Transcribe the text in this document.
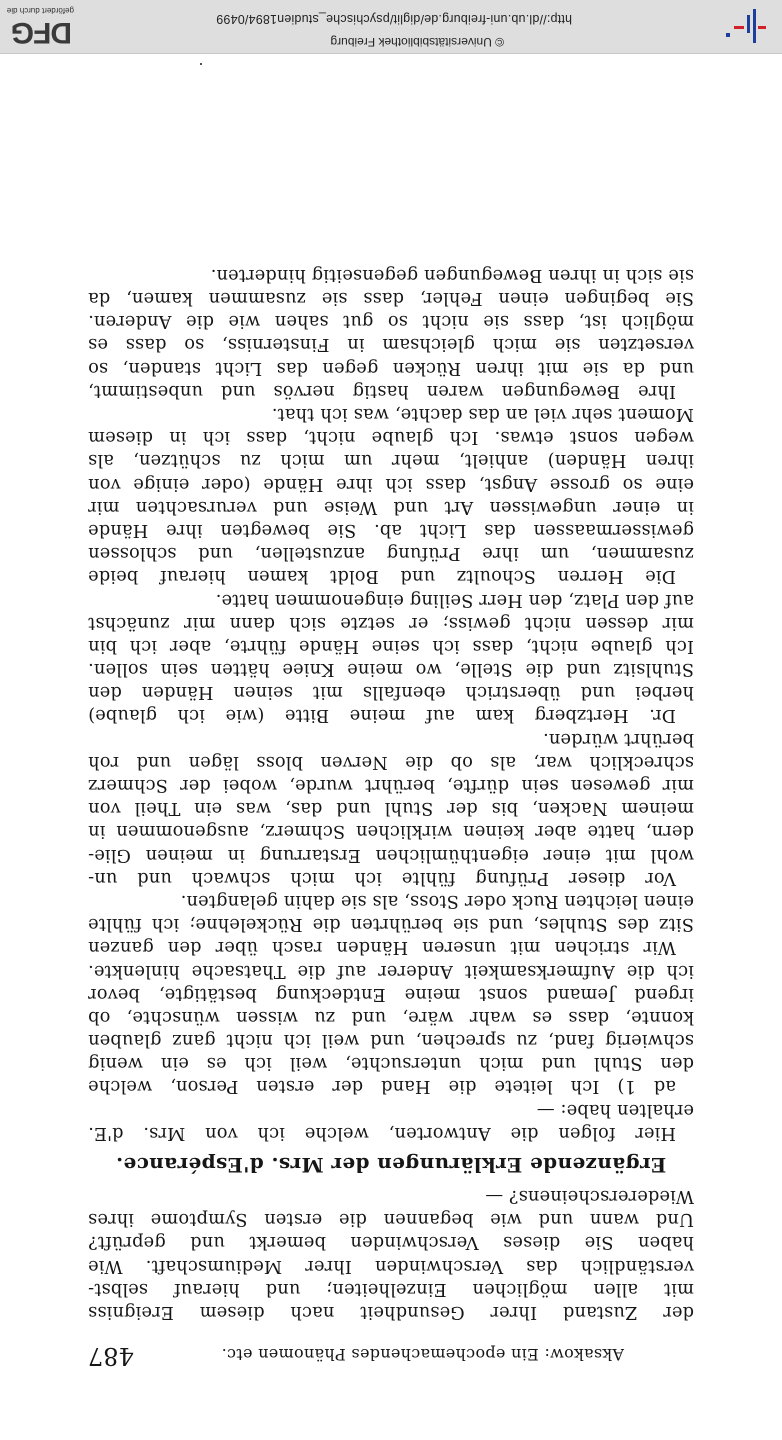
Aksakow: Ein epochemachendes Phänomen etc.
487
der Zustand Ihrer Gesundheit nach diesem Ereigniss
mit allen möglichen Einzelheiten; und hierauf selbst-
verständlich das Verschwinden Ihrer Mediumschaft. Wie
haben Sie dieses Verschwinden bemerkt und geprüft?
Und wann und wie begannen die ersten Symptome ihres
Wiedererscheinens? —
Ergänzende Erklärungen der Mrs. d'Espérance.
Hier folgen die Antworten, welche ich von Mrs. d'E.
erhalten habe: —
ad 1) Ich leitete die Hand der ersten Person, welche
den Stuhl und mich untersuchte, weil ich es ein wenig
schwierig fand, zu sprechen, und weil ich nicht ganz glauben
konnte, dass es wahr wäre, und zu wissen wünschte, ob
irgend Jemand sonst meine Entdeckung bestätigte, bevor
ich die Aufmerksamkeit Anderer auf die Thatsache hinlenkte.
Wir strichen mit unseren Händen rasch über den ganzen
Sitz des Stuhles, und sie berührten die Rückelehne; ich fühlte
einen leichten Ruck oder Stoss, als sie dahin gelangten.
Vor dieser Prüfung fühlte ich mich schwach und un-
wohl mit einer eigenthümlichen Erstarrung in meinen Glie-
dern, hatte aber keinen wirklichen Schmerz, ausgenommen in
meinem Nacken, bis der Stuhl und das, was ein Theil von
mir gewesen sein dürfte, berührt wurde, wobei der Schmerz
schrecklich war, als ob die Nerven bloss lägen und roh
berührt würden.
Dr. Hertzberg kam auf meine Bitte (wie ich glaube)
herbei und überstrich ebenfalls mit seinen Händen den
Stuhlsitz und die Stelle, wo meine Kniee hätten sein sollen.
Ich glaube nicht, dass ich seine Hände führte, aber ich bin
mir dessen nicht gewiss; er setzte sich dann mir zunächst
auf den Platz, den Herr Seiling eingenommen hatte.
Die Herren Schoultz und Boldt kamen hierauf beide
zusammen, um ihre Prüfung anzustellen, und schlossen
gewissermaassen das Licht ab. Sie bewegten ihre Hände
in einer ungewissen Art und Weise und verursachten mir
eine so grosse Angst, dass ich ihre Hände (oder einige von
ihren Händen) anhielt, mehr um mich zu schützen, als
wegen sonst etwas. Ich glaube nicht, dass ich in diesem
Moment sehr viel an das dachte, was ich that.
Ihre Bewegungen waren hastig nervös und unbestimmt,
und da sie mit ihren Rücken gegen das Licht standen, so
versetzten sie mich gleichsam in Finsterniss, so dass es
möglich ist, dass sie nicht so gut sahen wie die Anderen.
Sie begingen einen Fehler, dass sie zusammen kamen, da
sie sich in ihren Bewegungen gegenseitig hinderten.
http://dl.ub.uni-freiburg.de/diglit/psychische_studien1894/0499
© Universitätsbibliothek Freiburg
DFG
gefördert durch die
